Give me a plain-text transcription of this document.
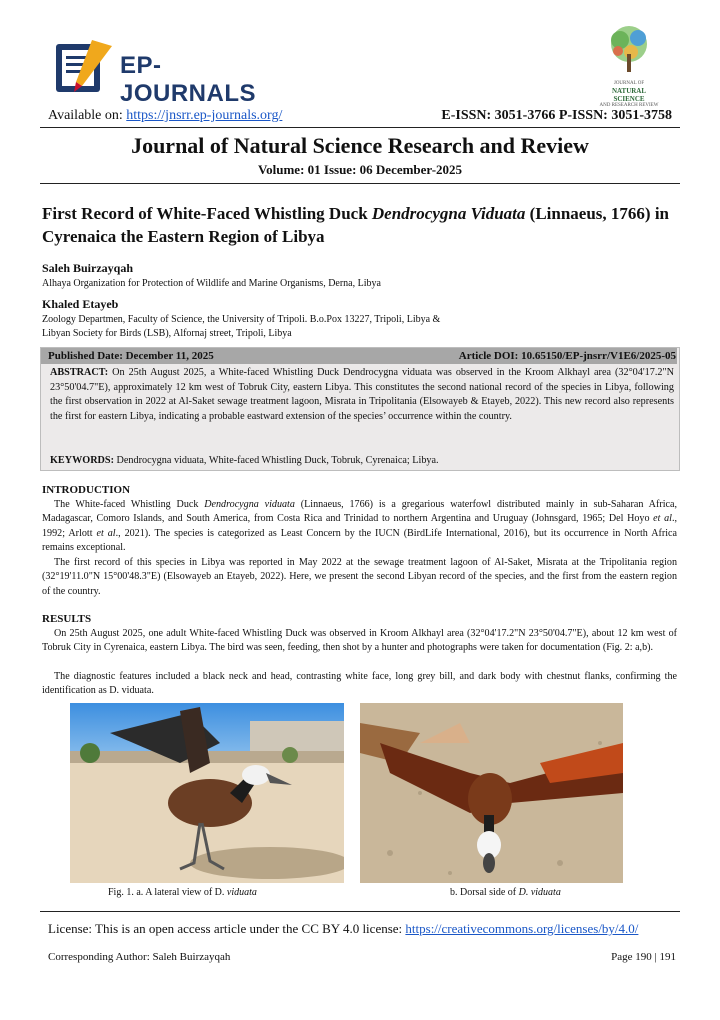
EP-JOURNALS	JOURNAL OF
NATURAL SCIENCE
AND RESEARCH REVIEW
Available on: https://jnsrr.ep-journals.org/	E-ISSN: 3051-3766 P-ISSN: 3051-3758
Journal of Natural Science Research and Review
Volume: 01 Issue: 06 December-2025
First Record of White-Faced Whistling Duck Dendrocygna Viduata (Linnaeus, 1766) in Cyrenaica the Eastern Region of Libya
Saleh Buirzayqah
Alhaya Organization for Protection of Wildlife and Marine Organisms, Derna, Libya
Khaled Etayeb
Zoology Departmen, Faculty of Science, the University of Tripoli. B.o.Pox 13227, Tripoli, Libya &
Libyan Society for Birds (LSB), Alfornaj street, Tripoli, Libya
Published Date: December 11, 2025	Article DOI: 10.65150/EP-jnsrr/V1E6/2025-05
ABSTRACT: On 25th August 2025, a White-faced Whistling Duck Dendrocygna viduata was observed in the Kroom Alkhayl area (32°04'17.2"N 23°50'04.7"E), approximately 12 km west of Tobruk City, eastern Libya. This constitutes the second national record of the species in Libya, following the first observation in 2022 at Al-Saket sewage treatment lagoon, Misrata in Tripolitania (Elsowayeb & Etayeb, 2022). This new record also represents the first for eastern Libya, indicating a probable eastward extension of the species’ occurrence within the country.
KEYWORDS: Dendrocygna viduata, White-faced Whistling Duck, Tobruk, Cyrenaica; Libya.
INTRODUCTION
The White-faced Whistling Duck Dendrocygna viduata (Linnaeus, 1766) is a gregarious waterfowl distributed mainly in sub-Saharan Africa, Madagascar, Comoro Islands, and South America, from Costa Rica and Trinidad to northern Argentina and Uruguay (Johnsgard, 1965; Del Hoyo et al., 1992; Arlott et al., 2021). The species is categorized as Least Concern by the IUCN (BirdLife International, 2016), but its occurrence in North Africa remains exceptional.
The first record of this species in Libya was reported in May 2022 at the sewage treatment lagoon of Al-Saket, Misrata at the Tripolitania region (32°19'11.0"N 15°00'48.3"E) (Elsowayeb an Etayeb, 2022). Here, we present the second Libyan record of the species, and the first from the eastern region of the country.
RESULTS
On 25th August 2025, one adult White-faced Whistling Duck was observed in Kroom Alkhayl area (32°04'17.2"N 23°50'04.7"E), about 12 km west of Tobruk City in Cyrenaica, eastern Libya. The bird was seen, feeding, then shot by a hunter and photographs were taken for documentation (Fig. 2: a,b).
The diagnostic features included a black neck and head, contrasting white face, long grey bill, and dark body with chestnut flanks, confirming the identification as D. viduata.
Fig. 1. a. A lateral view of D. viduata	b. Dorsal side of D. viduata
License: This is an open access article under the CC BY 4.0 license: https://creativecommons.org/licenses/by/4.0/
Corresponding Author: Saleh Buirzayqah	Page 190 | 191
